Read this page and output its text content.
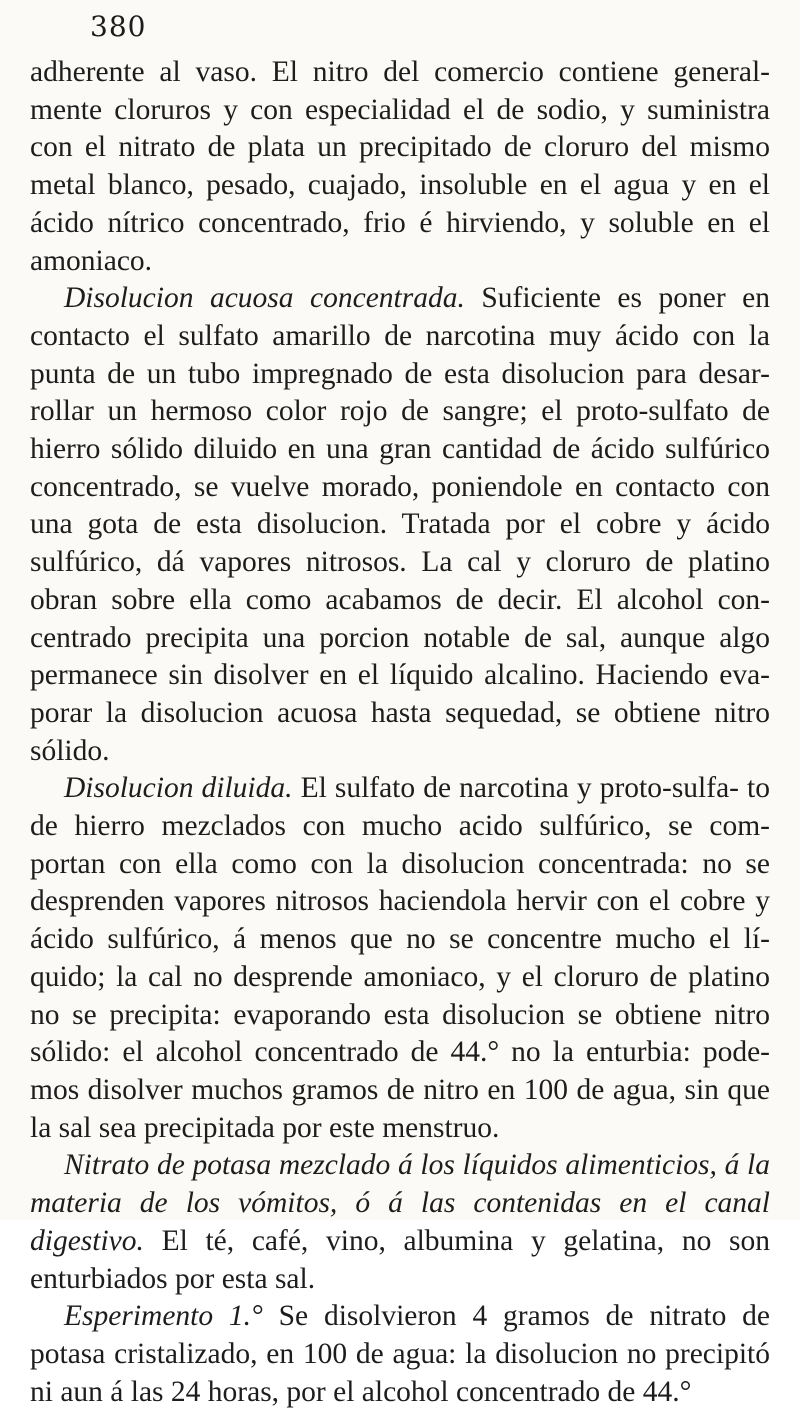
380

adherente al vaso. El nitro del comercio contiene general- mente cloruros y con especialidad el de sodio, y suministra con el nitrato de plata un precipitado de cloruro del mismo metal blanco, pesado, cuajado, insoluble en el agua y en el ácido nítrico concentrado, frio é hirviendo, y soluble en el amoniaco.

Disolucion acuosa concentrada. Suficiente es poner en contacto el sulfato amarillo de narcotina muy ácido con la punta de un tubo impregnado de esta disolucion para desar- rollar un hermoso color rojo de sangre; el proto-sulfato de hierro sólido diluido en una gran cantidad de ácido sulfúrico concentrado, se vuelve morado, poniendole en contacto con una gota de esta disolucion. Tratada por el cobre y ácido sulfúrico, dá vapores nitrosos. La cal y cloruro de platino obran sobre ella como acabamos de decir. El alcohol con- centrado precipita una porcion notable de sal, aunque algo permanece sin disolver en el líquido alcalino. Haciendo eva- porar la disolucion acuosa hasta sequedad, se obtiene nitro sólido.

Disolucion diluida. El sulfato de narcotina y proto-sulfa- to de hierro mezclados con mucho acido sulfúrico, se com- portan con ella como con la disolucion concentrada: no se desprenden vapores nitrosos haciendola hervir con el cobre y ácido sulfúrico, á menos que no se concentre mucho el lí- quido; la cal no desprende amoniaco, y el cloruro de platino no se precipita: evaporando esta disolucion se obtiene nitro sólido: el alcohol concentrado de 44.° no la enturbia: pode- mos disolver muchos gramos de nitro en 100 de agua, sin que la sal sea precipitada por este menstruo.

Nitrato de potasa mezclado á los líquidos alimenticios, á la materia de los vómitos, ó á las contenidas en el canal digestivo. El té, café, vino, albumina y gelatina, no son enturbiados por esta sal.

Esperimento 1.° Se disolvieron 4 gramos de nitrato de potasa cristalizado, en 100 de agua: la disolucion no precipitó ni aun á las 24 horas, por el alcohol concentrado de 44.°
